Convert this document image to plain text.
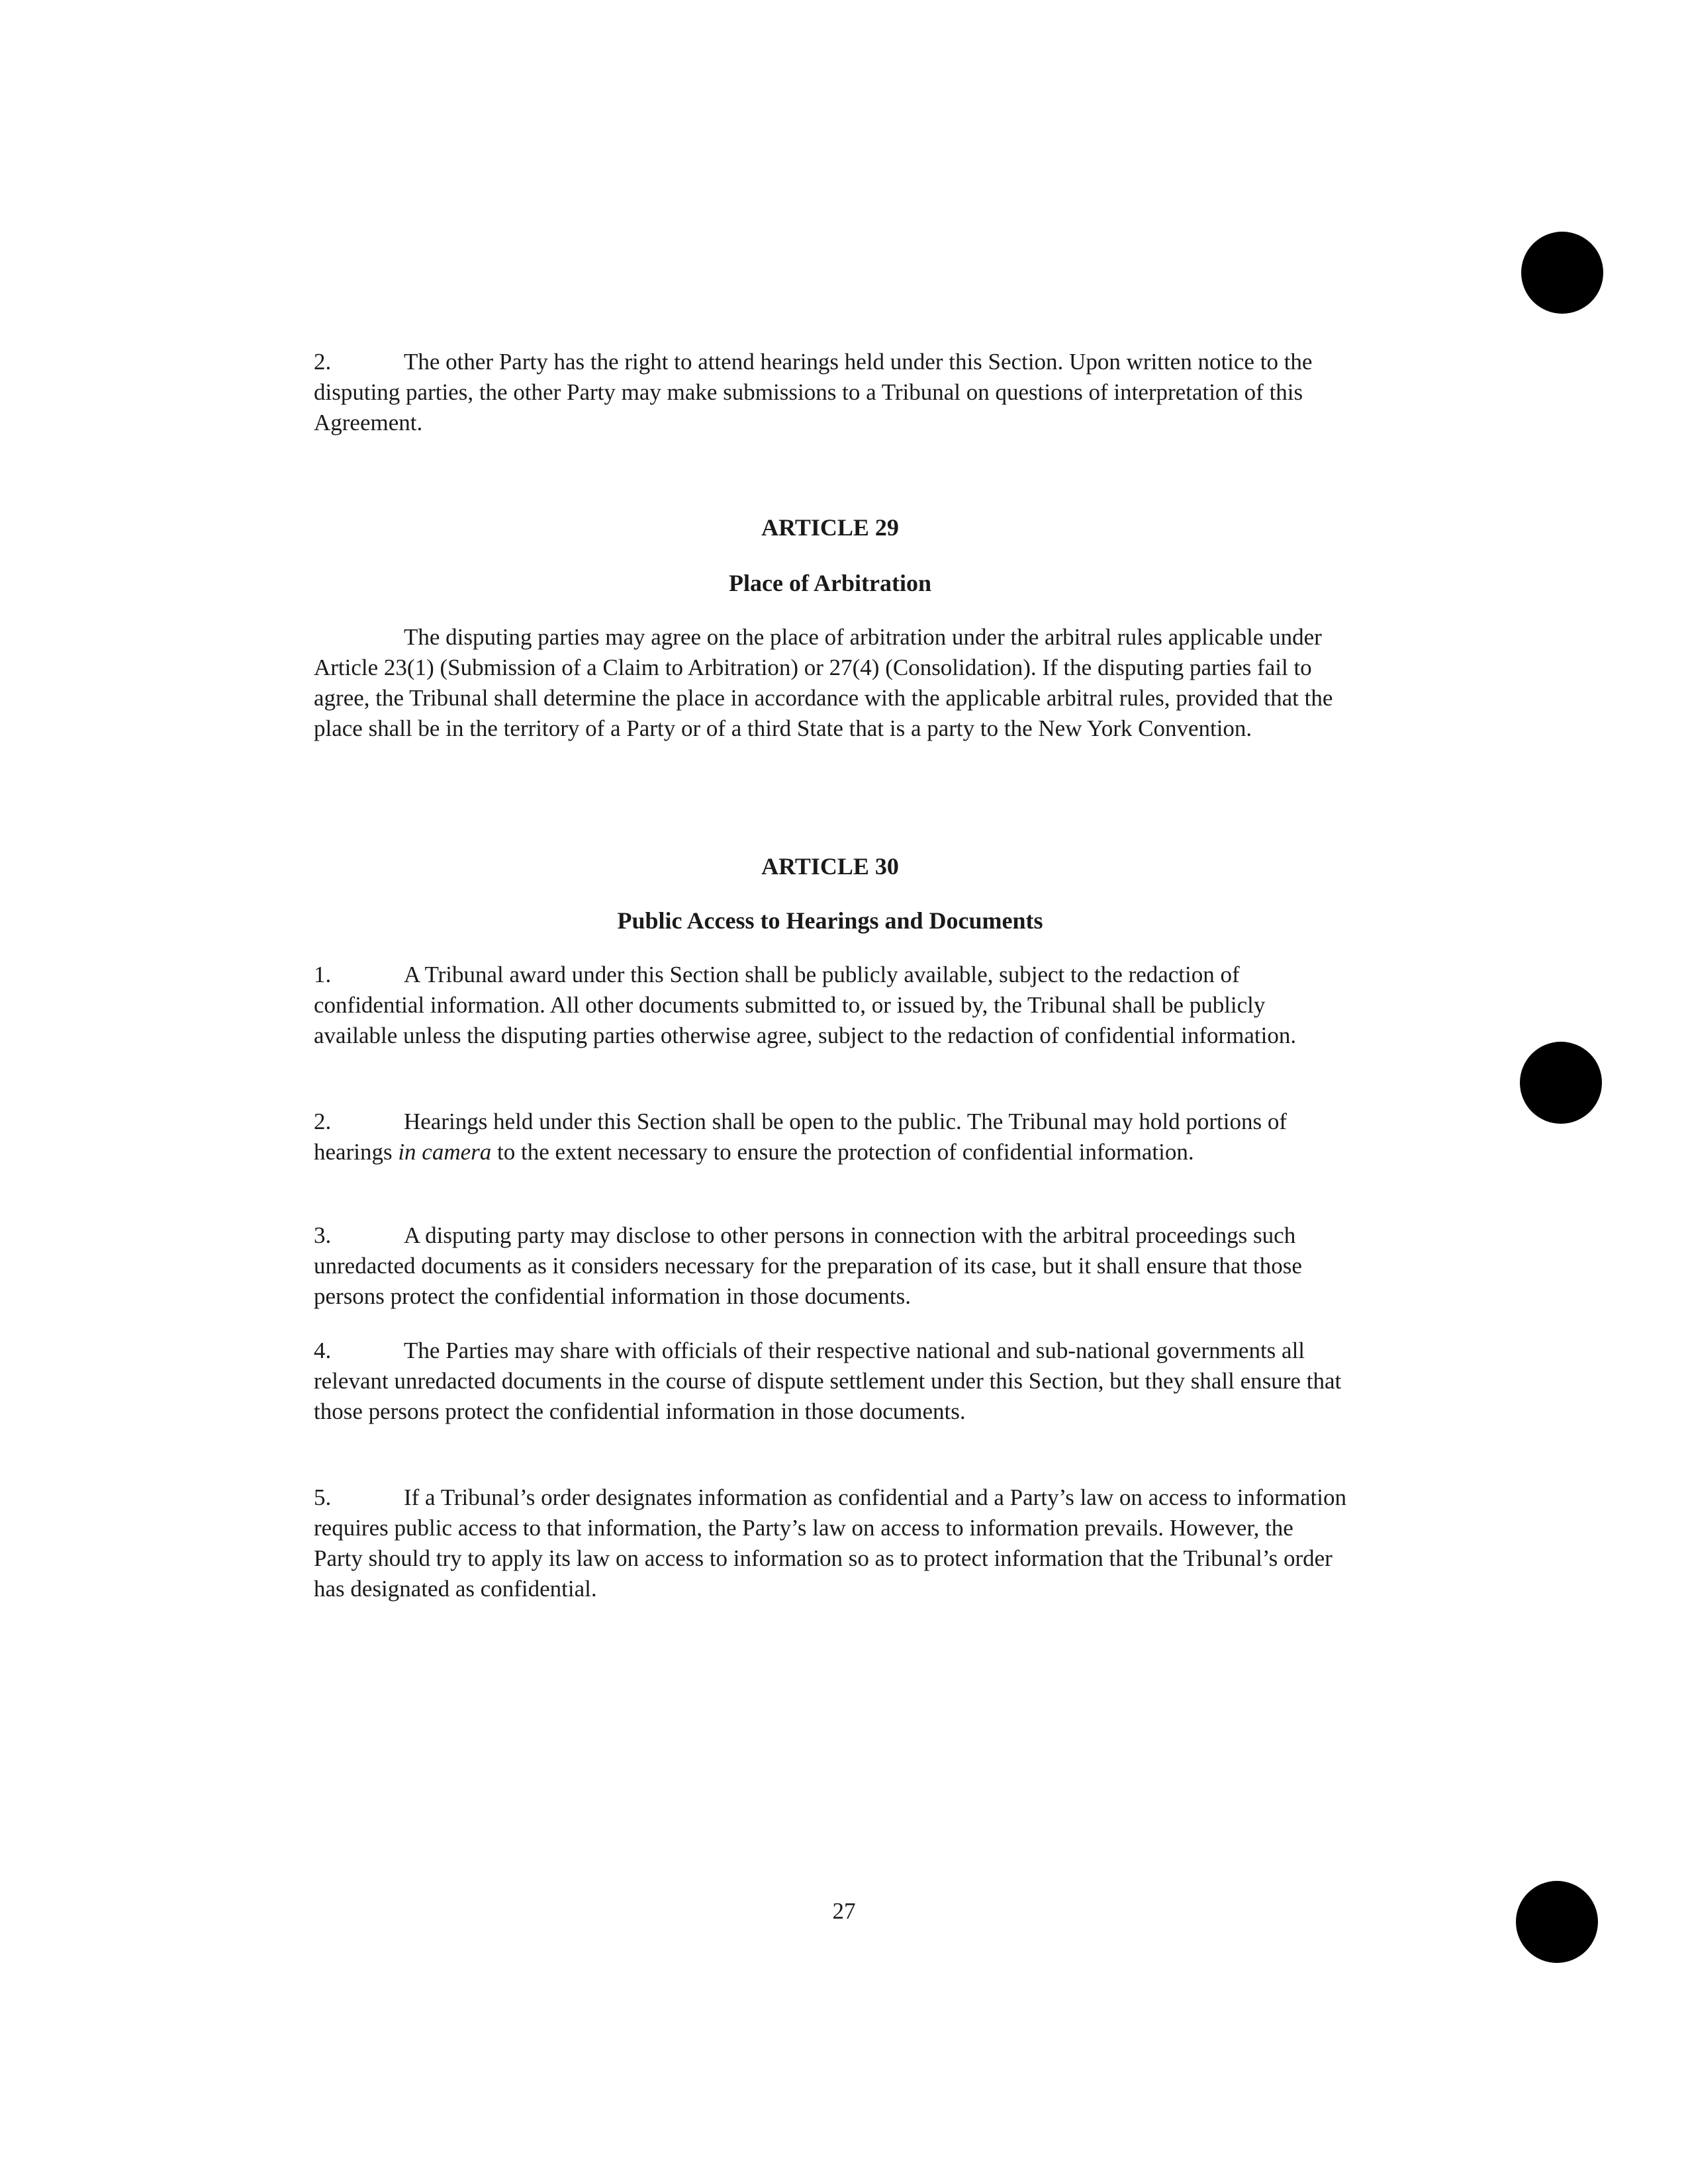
2.	The other Party has the right to attend hearings held under this Section. Upon written notice to the disputing parties, the other Party may make submissions to a Tribunal on questions of interpretation of this Agreement.

ARTICLE 29
Place of Arbitration

The disputing parties may agree on the place of arbitration under the arbitral rules applicable under Article 23(1) (Submission of a Claim to Arbitration) or 27(4) (Consolidation). If the disputing parties fail to agree, the Tribunal shall determine the place in accordance with the applicable arbitral rules, provided that the place shall be in the territory of a Party or of a third State that is a party to the New York Convention.

ARTICLE 30
Public Access to Hearings and Documents

1.	A Tribunal award under this Section shall be publicly available, subject to the redaction of confidential information. All other documents submitted to, or issued by, the Tribunal shall be publicly available unless the disputing parties otherwise agree, subject to the redaction of confidential information.

2.	Hearings held under this Section shall be open to the public. The Tribunal may hold portions of hearings in camera to the extent necessary to ensure the protection of confidential information.

3.	A disputing party may disclose to other persons in connection with the arbitral proceedings such unredacted documents as it considers necessary for the preparation of its case, but it shall ensure that those persons protect the confidential information in those documents.

4.	The Parties may share with officials of their respective national and sub-national governments all relevant unredacted documents in the course of dispute settlement under this Section, but they shall ensure that those persons protect the confidential information in those documents.

5.	If a Tribunal’s order designates information as confidential and a Party’s law on access to information requires public access to that information, the Party’s law on access to information prevails. However, the Party should try to apply its law on access to information so as to protect information that the Tribunal’s order has designated as confidential.

27
